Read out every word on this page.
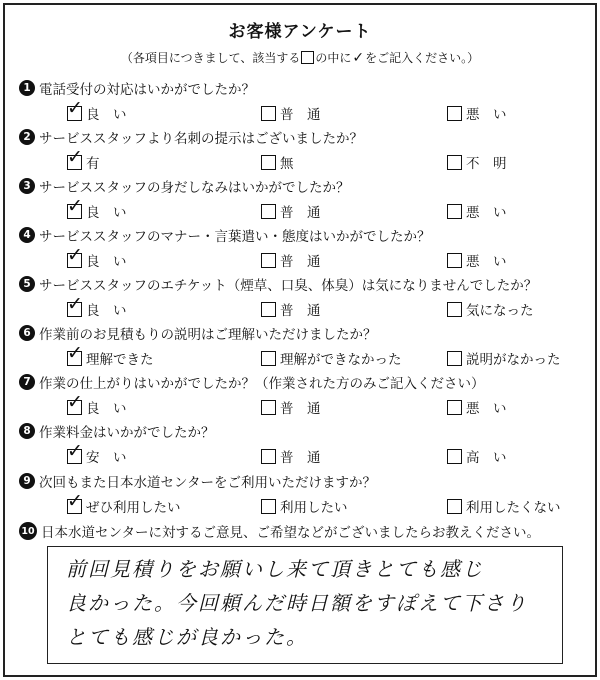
お客様アンケート
（各項目につきまして、該当する の中に✓をご記入ください。）
1 電話受付の対応はいかがでしたか？
✓ 良　い	普　通	悪　い
2 サービススタッフより名刺の提示はございましたか？
✓ 有	無	不　明
3 サービススタッフの身だしなみはいかがでしたか？
✓ 良　い	普　通	悪　い
4 サービススタッフのマナー・言葉遣い・態度はいかがでしたか？
✓ 良　い	普　通	悪　い
5 サービススタッフのエチケット（煙草、口臭、体臭）は気になりませんでしたか？
✓ 良　い	普　通	気になった
6 作業前のお見積もりの説明はご理解いただけましたか？
✓ 理解できた	理解ができなかった	説明がなかった
7 作業の仕上がりはいかがでしたか？（作業された方のみご記入ください）
✓ 良　い	普　通	悪　い
8 作業料金はいかがでしたか？
✓ 安　い	普　通	高　い
9 次回もまた日本水道センターをご利用いただけますか？
✓ ぜひ利用したい	利用したい	利用したくない
10 日本水道センターに対するご意見、ご希望などがございましたらお教えください。
前回見積りをお願いし来て頂きとても感じ
良かった。今回頼んだ時日額をすぽえて下さり
とても感じが良かった。
